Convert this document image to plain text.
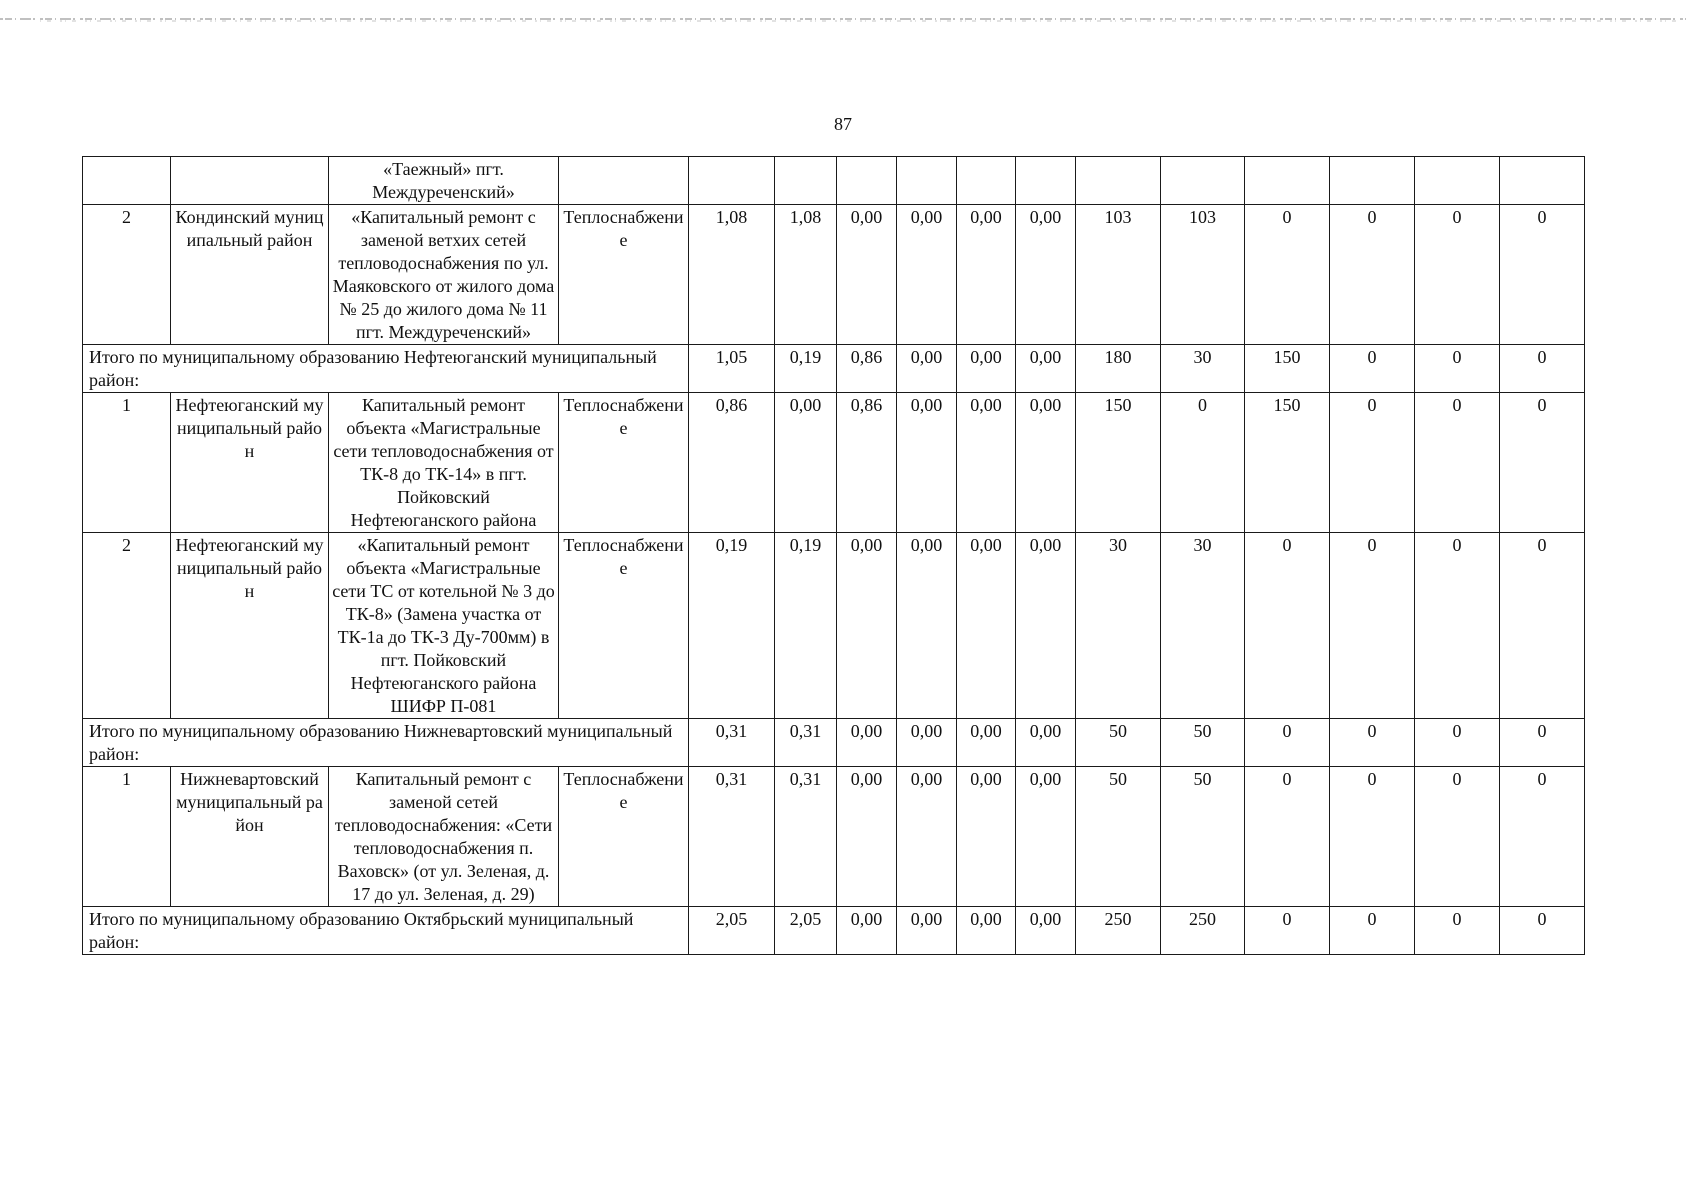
87
		«Таежный» пгт. Междуреченский»													
2	Кондинский муниципальный район	«Капитальный ремонт с заменой ветхих сетей тепловодоснабжения по ул. Маяковского от жилого дома № 25 до жилого дома № 11 пгт. Междуреченский»	Теплоснабжение	1,08	1,08	0,00	0,00	0,00	0,00	103	103	0	0	0	0
Итого по муниципальному образованию Нефтеюганский муниципальный район:				1,05	0,19	0,86	0,00	0,00	0,00	180	30	150	0	0	0
1	Нефтеюганский муниципальный район	Капитальный ремонт объекта «Магистральные сети тепловодоснабжения от ТК-8 до ТК-14» в пгт. Пойковский Нефтеюганского района	Теплоснабжение	0,86	0,00	0,86	0,00	0,00	0,00	150	0	150	0	0	0
2	Нефтеюганский муниципальный район	«Капитальный ремонт объекта «Магистральные сети ТС от котельной № 3 до ТК-8» (Замена участка от ТК-1а до ТК-3 Ду-700мм) в пгт. Пойковский Нефтеюганского района ШИФР П-081	Теплоснабжение	0,19	0,19	0,00	0,00	0,00	0,00	30	30	0	0	0	0
Итого по муниципальному образованию Нижневартовский муниципальный район:				0,31	0,31	0,00	0,00	0,00	0,00	50	50	0	0	0	0
1	Нижневартовский муниципальный район	Капитальный ремонт с заменой сетей тепловодоснабжения: «Сети тепловодоснабжения п. Ваховск» (от ул. Зеленая, д. 17 до ул. Зеленая, д. 29)	Теплоснабжение	0,31	0,31	0,00	0,00	0,00	0,00	50	50	0	0	0	0
Итого по муниципальному образованию Октябрьский муниципальный район:				2,05	2,05	0,00	0,00	0,00	0,00	250	250	0	0	0	0
